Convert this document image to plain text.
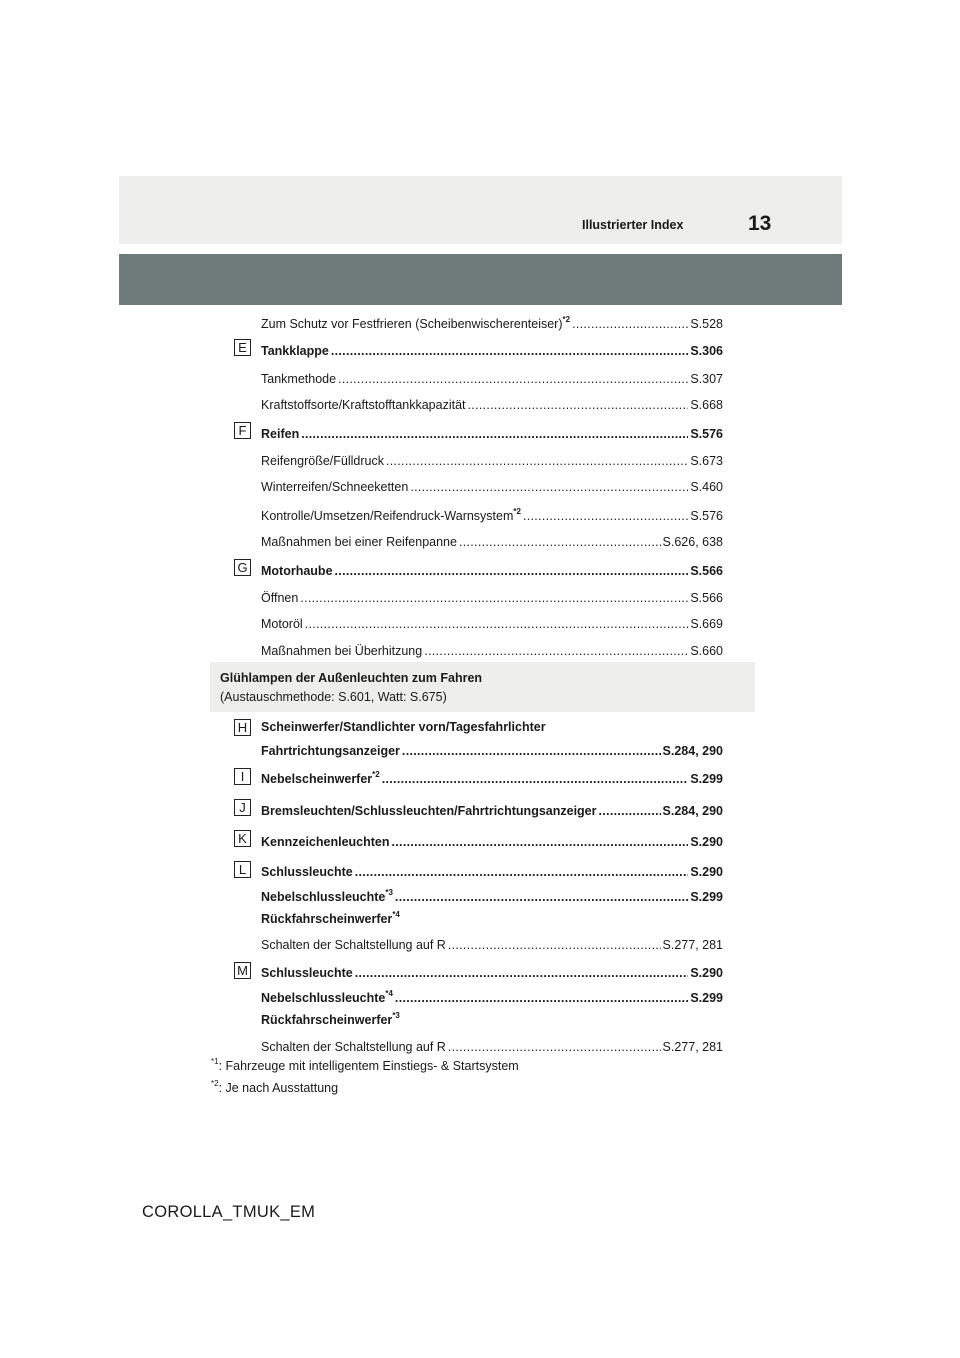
Illustrierter Index	13
Zum Schutz vor Festfrieren (Scheibenwischerenteiser)$^{*2}$ .....	S.528
E	Tankklappe .....	S.306
Tankmethode .....	S.307
Kraftstoffsorte/Kraftstofftankkapazität .....	S.668
F	Reifen .....	S.576
Reifengröße/Fülldruck .....	S.673
Winterreifen/Schneeketten .....	S.460
Kontrolle/Umsetzen/Reifendruck-Warnsystem$^{*2}$ .....	S.576
Maßnahmen bei einer Reifenpanne .....	S.626, 638
G Motorhaube .....	S.566
Öffnen .....	S.566
Motoröl .....	S.669
Maßnahmen bei Überhitzung .....	S.660
Glühlampen der Außenleuchten zum Fahren
(Austauschmethode: S.601, Watt: S.675)
H	Scheinwerfer/Standlichter vorn/Tagesfahrlichter
Fahrtrichtungsanzeiger .....	S.284, 290
I	Nebelscheinwerfer$^{*2}$ .....	S.299
J	Bremsleuchten/Schlussleuchten/Fahrtrichtungsanzeiger .....	S.284, 290
K	Kennzeichenleuchten .....	S.290
L	Schlussleuchte .....	S.290
Nebelschlussleuchte$^{*3}$ .....	S.299
Rückfahrscheinwerfer$^{*4}$
Schalten der Schaltstellung auf R .....	S.277, 281
M Schlussleuchte .....	S.290
Nebelschlussleuchte$^{*4}$ .....	S.299
Rückfahrscheinwerfer$^{*3}$
Schalten der Schaltstellung auf R .....	S.277, 281
$^{*1}$: Fahrzeuge mit intelligentem Einstiegs- & Startsystem
$^{*2}$: Je nach Ausstattung
COROLLA_TMUK_EM
